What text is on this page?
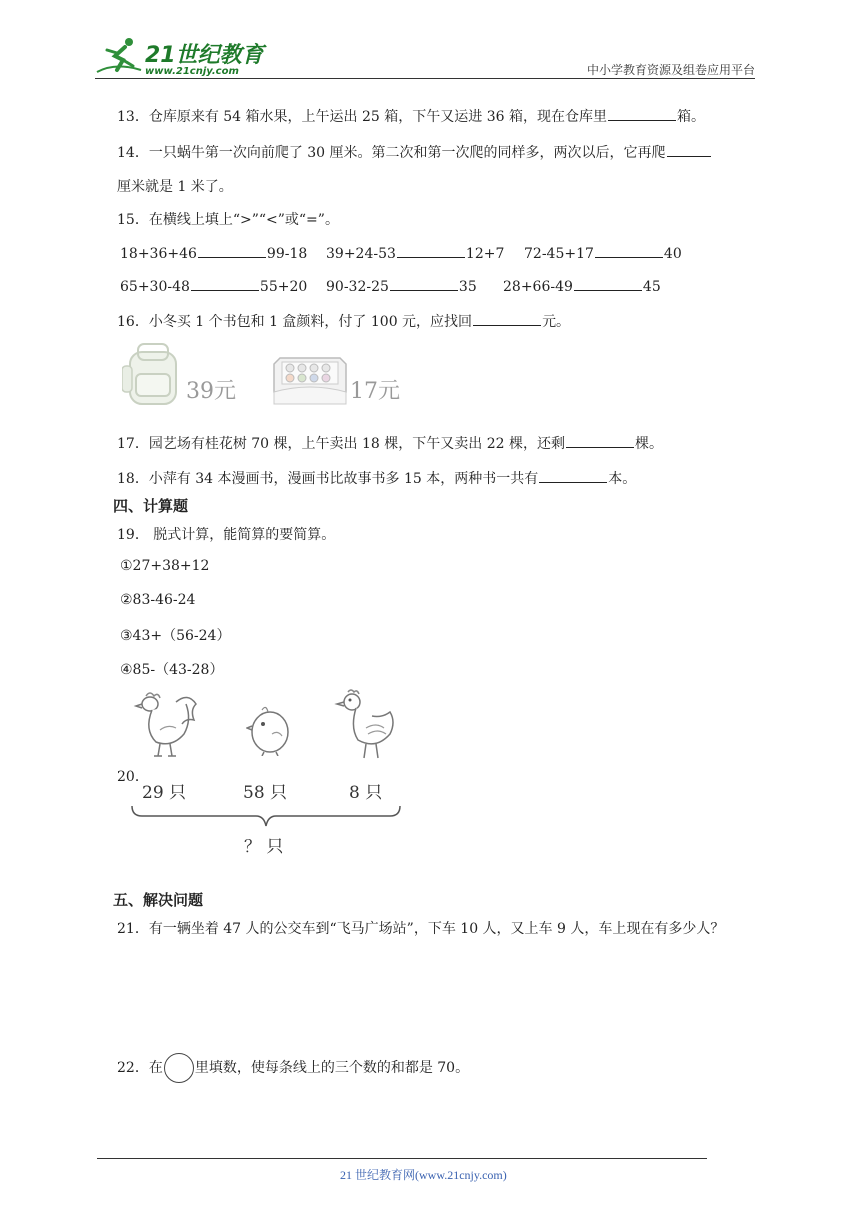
21世纪教育
www.21cnjy.com	中小学教育资源及组卷应用平台
13．仓库原来有 54 箱水果，上午运出 25 箱，下午又运进 36 箱，现在仓库里	箱。
14．一只蜗牛第一次向前爬了 30 厘米。第二次和第一次爬的同样多，两次以后，它再爬
厘米就是 1 米了。
15．在横线上填上“>”“<”或“=”。
18+36+46	99-18 39+24-53	12+7 72-45+17	40
65+30-48	55+20 90-32-25	35 28+66-49	45
16．小冬买 1 个书包和 1 盒颜料，付了 100 元，应找回	元。
39元	17元
17．园艺场有桂花树 70 棵，上午卖出 18 棵，下午又卖出 22 棵，还剩	棵。
18．小萍有 34 本漫画书，漫画书比故事书多 15 本，两种书一共有	本。
四、计算题
19． 脱式计算，能简算的要简算。
①27+38+12
②83-46-24
③43+（56-24）
④85-（43-28）
20．
29 只	58 只	8 只
？ 只
五、解决问题
21．有一辆坐着 47 人的公交车到“飞马广场站”，下车 10 人，又上车 9 人，车上现在有多少人？
22．在 里填数，使每条线上的三个数的和都是 70。
21 世纪教育网(www.21cnjy.com)
